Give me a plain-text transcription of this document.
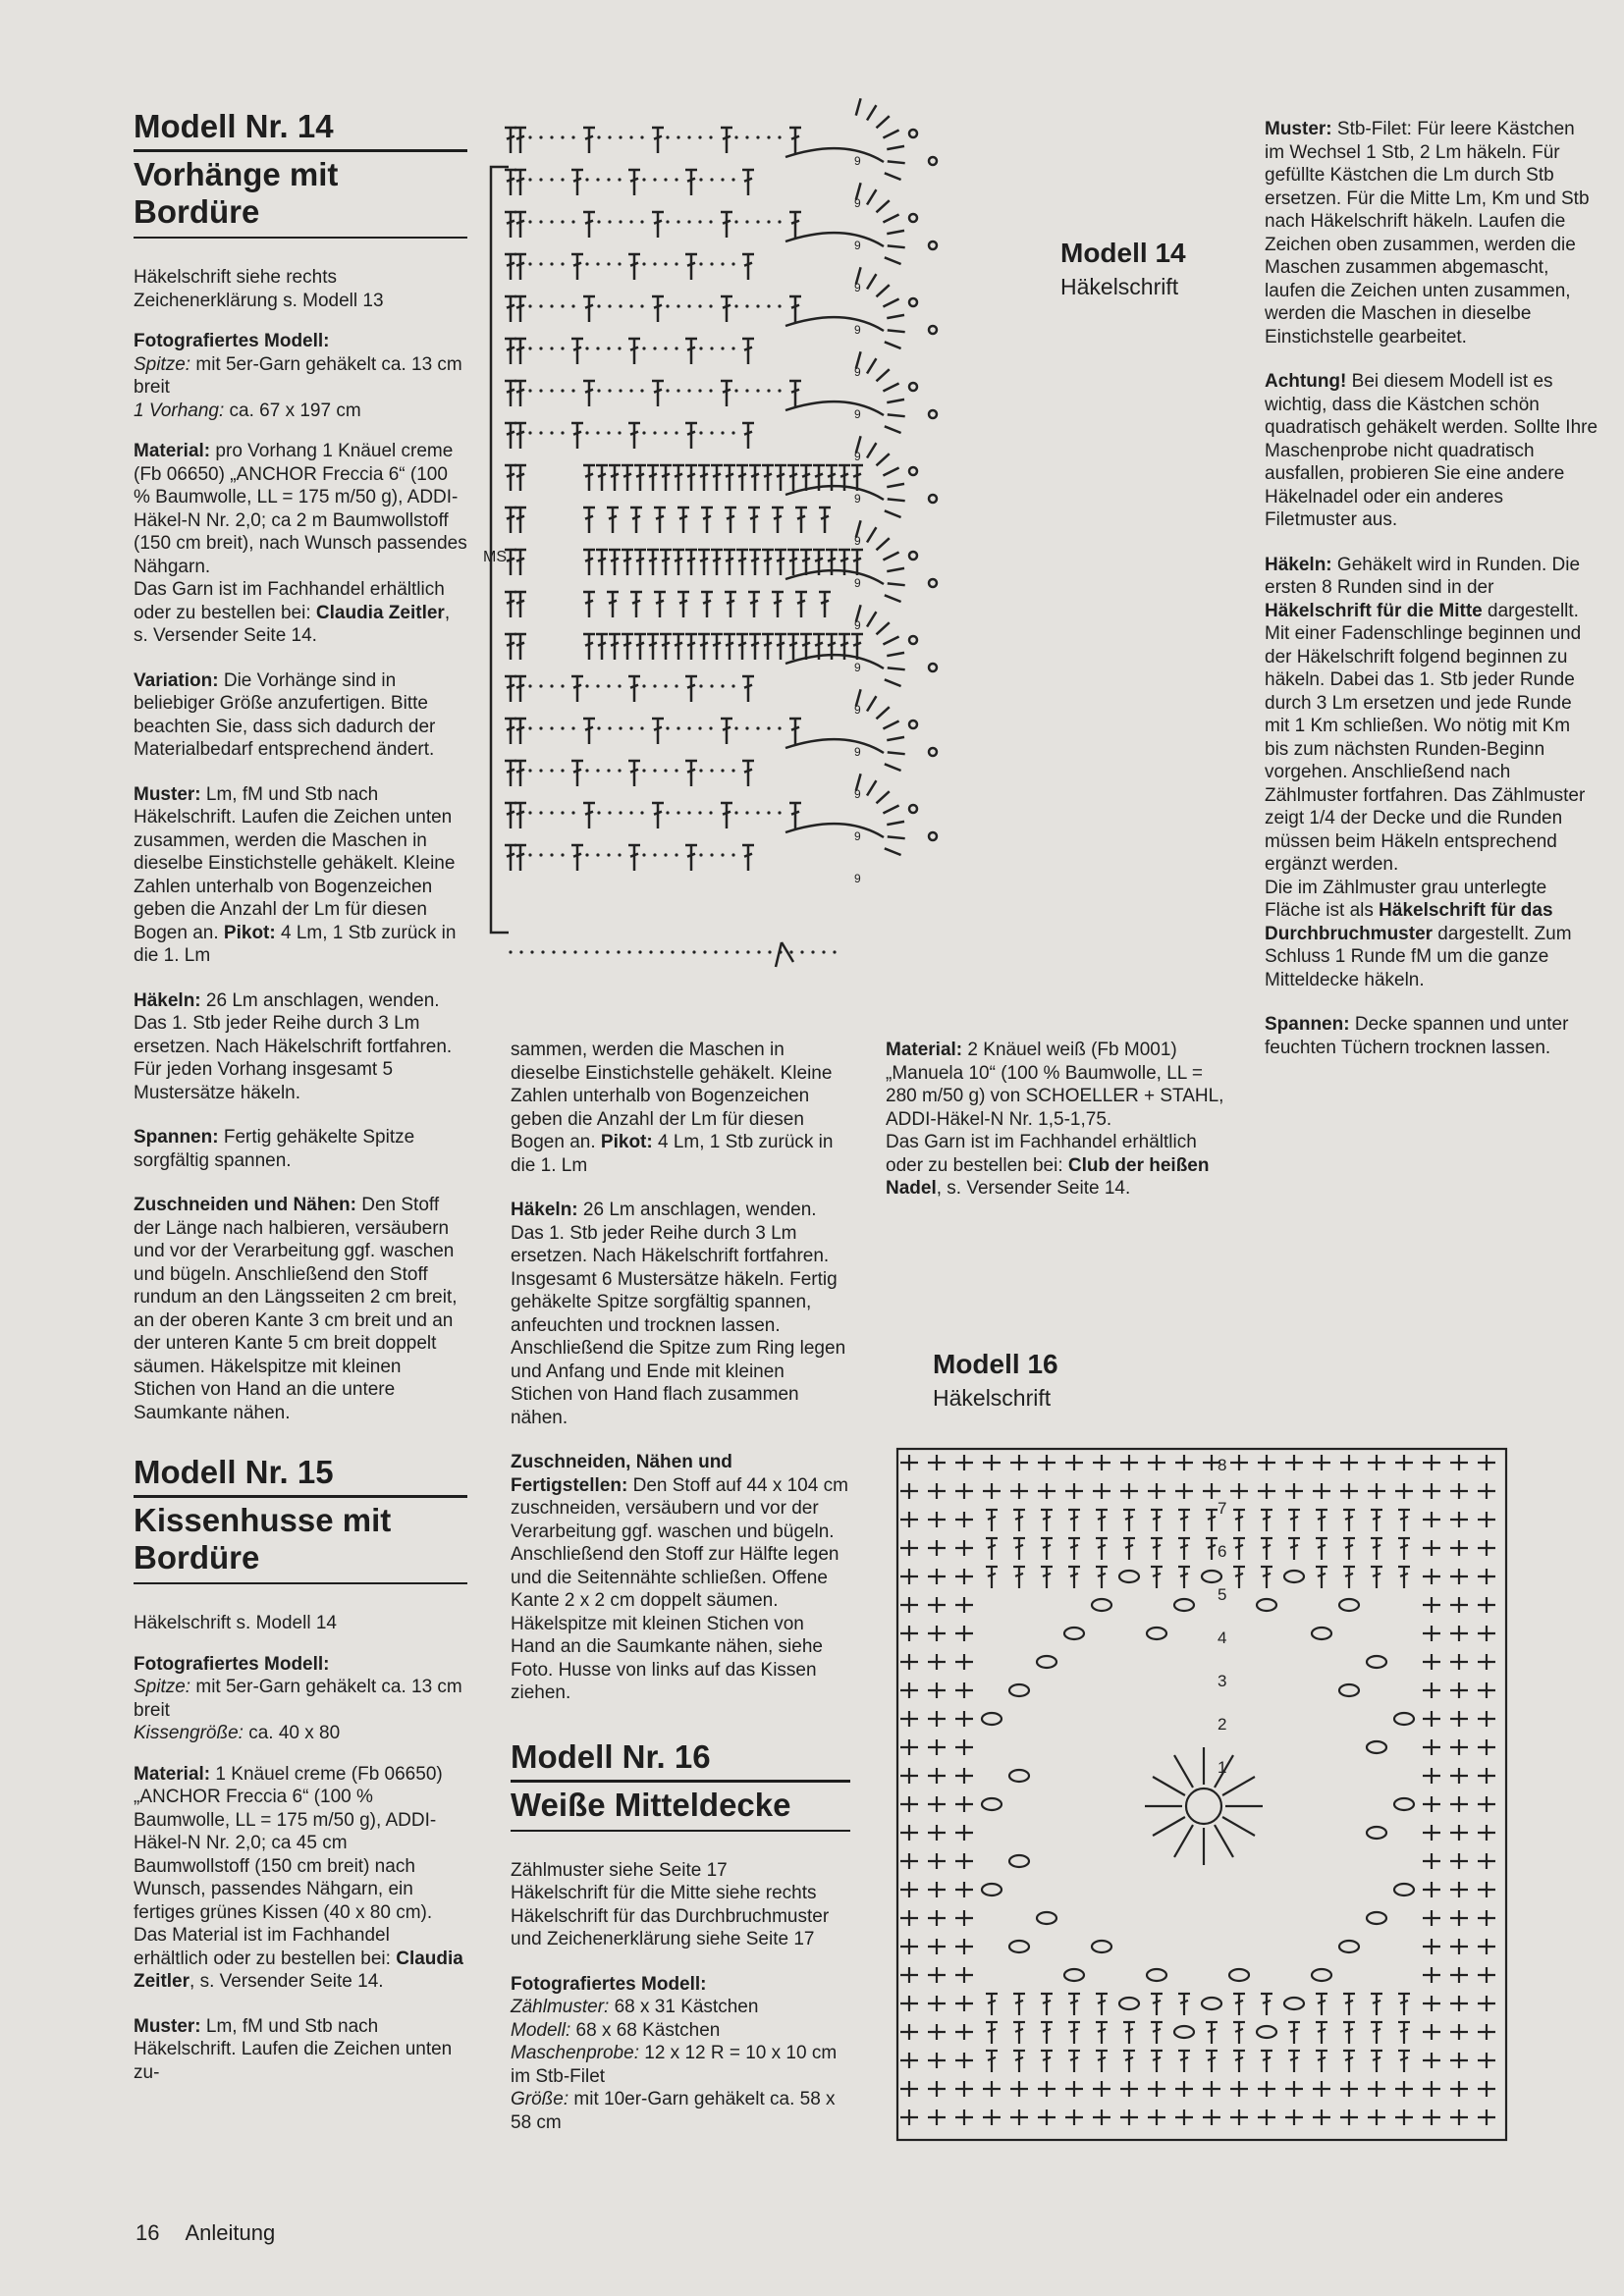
Modell Nr. 14
Vorhänge mit Bordüre

Häkelschrift siehe rechts
Zeichenerklärung s. Modell 13

Fotografiertes Modell:
Spitze: mit 5er-Garn gehäkelt ca. 13 cm breit
1 Vorhang: ca. 67 x 197 cm

Material: pro Vorhang 1 Knäuel creme (Fb 06650) „ANCHOR Freccia 6“ (100 % Baumwolle, LL = 175 m/50 g), ADDI-Häkel-N Nr. 2,0; ca 2 m Baumwollstoff (150 cm breit), nach Wunsch passendes Nähgarn.
Das Garn ist im Fachhandel erhältlich oder zu bestellen bei: Claudia Zeitler, s. Versender Seite 14.

Variation: Die Vorhänge sind in beliebiger Größe anzufertigen. Bitte beachten Sie, dass sich dadurch der Materialbedarf entsprechend ändert.

Muster: Lm, fM und Stb nach Häkelschrift. Laufen die Zeichen unten zusammen, werden die Maschen in dieselbe Einstichstelle gehäkelt. Kleine Zahlen unterhalb von Bogenzeichen geben die Anzahl der Lm für diesen Bogen an. Pikot: 4 Lm, 1 Stb zurück in die 1. Lm

Häkeln: 26 Lm anschlagen, wenden. Das 1. Stb jeder Reihe durch 3 Lm ersetzen. Nach Häkelschrift fortfahren. Für jeden Vorhang insgesamt 5 Mustersätze häkeln.

Spannen: Fertig gehäkelte Spitze sorgfältig spannen.

Zuschneiden und Nähen: Den Stoff der Länge nach halbieren, versäubern und vor der Verarbeitung ggf. waschen und bügeln. Anschließend den Stoff rundum an den Längsseiten 2 cm breit, an der oberen Kante 3 cm breit und an der unteren Kante 5 cm breit doppelt säumen. Häkelspitze mit kleinen Stichen von Hand an die untere Saumkante nähen.

Modell Nr. 15
Kissenhusse mit
Bordüre

Häkelschrift s. Modell 14

Fotografiertes Modell:
Spitze: mit 5er-Garn gehäkelt ca. 13 cm breit
Kissengröße: ca. 40 x 80

Material: 1 Knäuel creme (Fb 06650) „ANCHOR Freccia 6“ (100 % Baumwolle, LL = 175 m/50 g), ADDI-Häkel-N Nr. 2,0; ca 45 cm Baumwollstoff (150 cm breit) nach Wunsch, passendes Nähgarn, ein fertiges grünes Kissen (40 x 80 cm).
Das Material ist im Fachhandel erhältlich oder zu bestellen bei: Claudia Zeitler, s. Versender Seite 14.

Muster: Lm, fM und Stb nach Häkelschrift. Laufen die Zeichen unten zu-

9
9
9
9
9
9
9
9
9
9
9
9
9
9
9
9
9
9
MS
Modell 14
Häkelschrift

sammen, werden die Maschen in dieselbe Einstichstelle gehäkelt. Kleine Zahlen unterhalb von Bogenzeichen geben die Anzahl der Lm für diesen Bogen an. Pikot: 4 Lm, 1 Stb zurück in die 1. Lm

Häkeln: 26 Lm anschlagen, wenden. Das 1. Stb jeder Reihe durch 3 Lm ersetzen. Nach Häkelschrift fortfahren. Insgesamt 6 Mustersätze häkeln. Fertig gehäkelte Spitze sorgfältig spannen, anfeuchten und trocknen lassen. Anschließend die Spitze zum Ring legen und Anfang und Ende mit kleinen Stichen von Hand flach zusammen nähen.

Zuschneiden, Nähen und Fertigstellen: Den Stoff auf 44 x 104 cm zuschneiden, versäubern und vor der Verarbeitung ggf. waschen und bügeln. Anschließend den Stoff zur Hälfte legen und die Seitennähte schließen. Offene Kante 2 x 2 cm doppelt säumen. Häkelspitze mit kleinen Stichen von Hand an die Saumkante nähen, siehe Foto. Husse von links auf das Kissen ziehen.

Modell Nr. 16
Weiße Mitteldecke

Zählmuster siehe Seite 17
Häkelschrift für die Mitte siehe rechts
Häkelschrift für das Durchbruchmuster und Zeichenerklärung siehe Seite 17

Fotografiertes Modell:
Zählmuster: 68 x 31 Kästchen
Modell: 68 x 68 Kästchen
Maschenprobe: 12 x 12 R = 10 x 10 cm im Stb-Filet
Größe: mit 10er-Garn gehäkelt ca. 58 x 58 cm

Material: 2 Knäuel weiß (Fb M001) „Manuela 10“ (100 % Baumwolle, LL = 280 m/50 g) von SCHOELLER + STAHL, ADDI-Häkel-N Nr. 1,5-1,75.
Das Garn ist im Fachhandel erhältlich oder zu bestellen bei: Club der heißen Nadel, s. Versender Seite 14.

Muster: Stb-Filet: Für leere Kästchen im Wechsel 1 Stb, 2 Lm häkeln. Für gefüllte Kästchen die Lm durch Stb ersetzen. Für die Mitte Lm, Km und Stb nach Häkelschrift häkeln. Laufen die Zeichen oben zusammen, werden die Maschen zusammen abgemascht, laufen die Zeichen unten zusammen, werden die Maschen in dieselbe Einstichstelle gearbeitet.

Achtung! Bei diesem Modell ist es wichtig, dass die Kästchen schön quadratisch gehäkelt werden. Sollte Ihre Maschenprobe nicht quadratisch ausfallen, probieren Sie eine andere Häkelnadel oder ein anderes Filetmuster aus.

Häkeln: Gehäkelt wird in Runden. Die ersten 8 Runden sind in der Häkelschrift für die Mitte dargestellt. Mit einer Fadenschlinge beginnen und der Häkelschrift folgend beginnen zu häkeln. Dabei das 1. Stb jeder Runde durch 3 Lm ersetzen und jede Runde mit 1 Km schließen. Wo nötig mit Km bis zum nächsten Runden-Beginn vorgehen. Anschließend nach Zählmuster fortfahren. Das Zählmuster zeigt 1/4 der Decke und die Runden müssen beim Häkeln entsprechend ergänzt werden.

Die im Zählmuster grau unterlegte Fläche ist als Häkelschrift für das Durchbruchmuster dargestellt. Zum Schluss 1 Runde fM um die ganze Mitteldecke häkeln.

Spannen: Decke spannen und unter feuchten Tüchern trocknen lassen.

Modell 16
Häkelschrift
8
7
6
5
4
3
2
1
16 Anleitung
